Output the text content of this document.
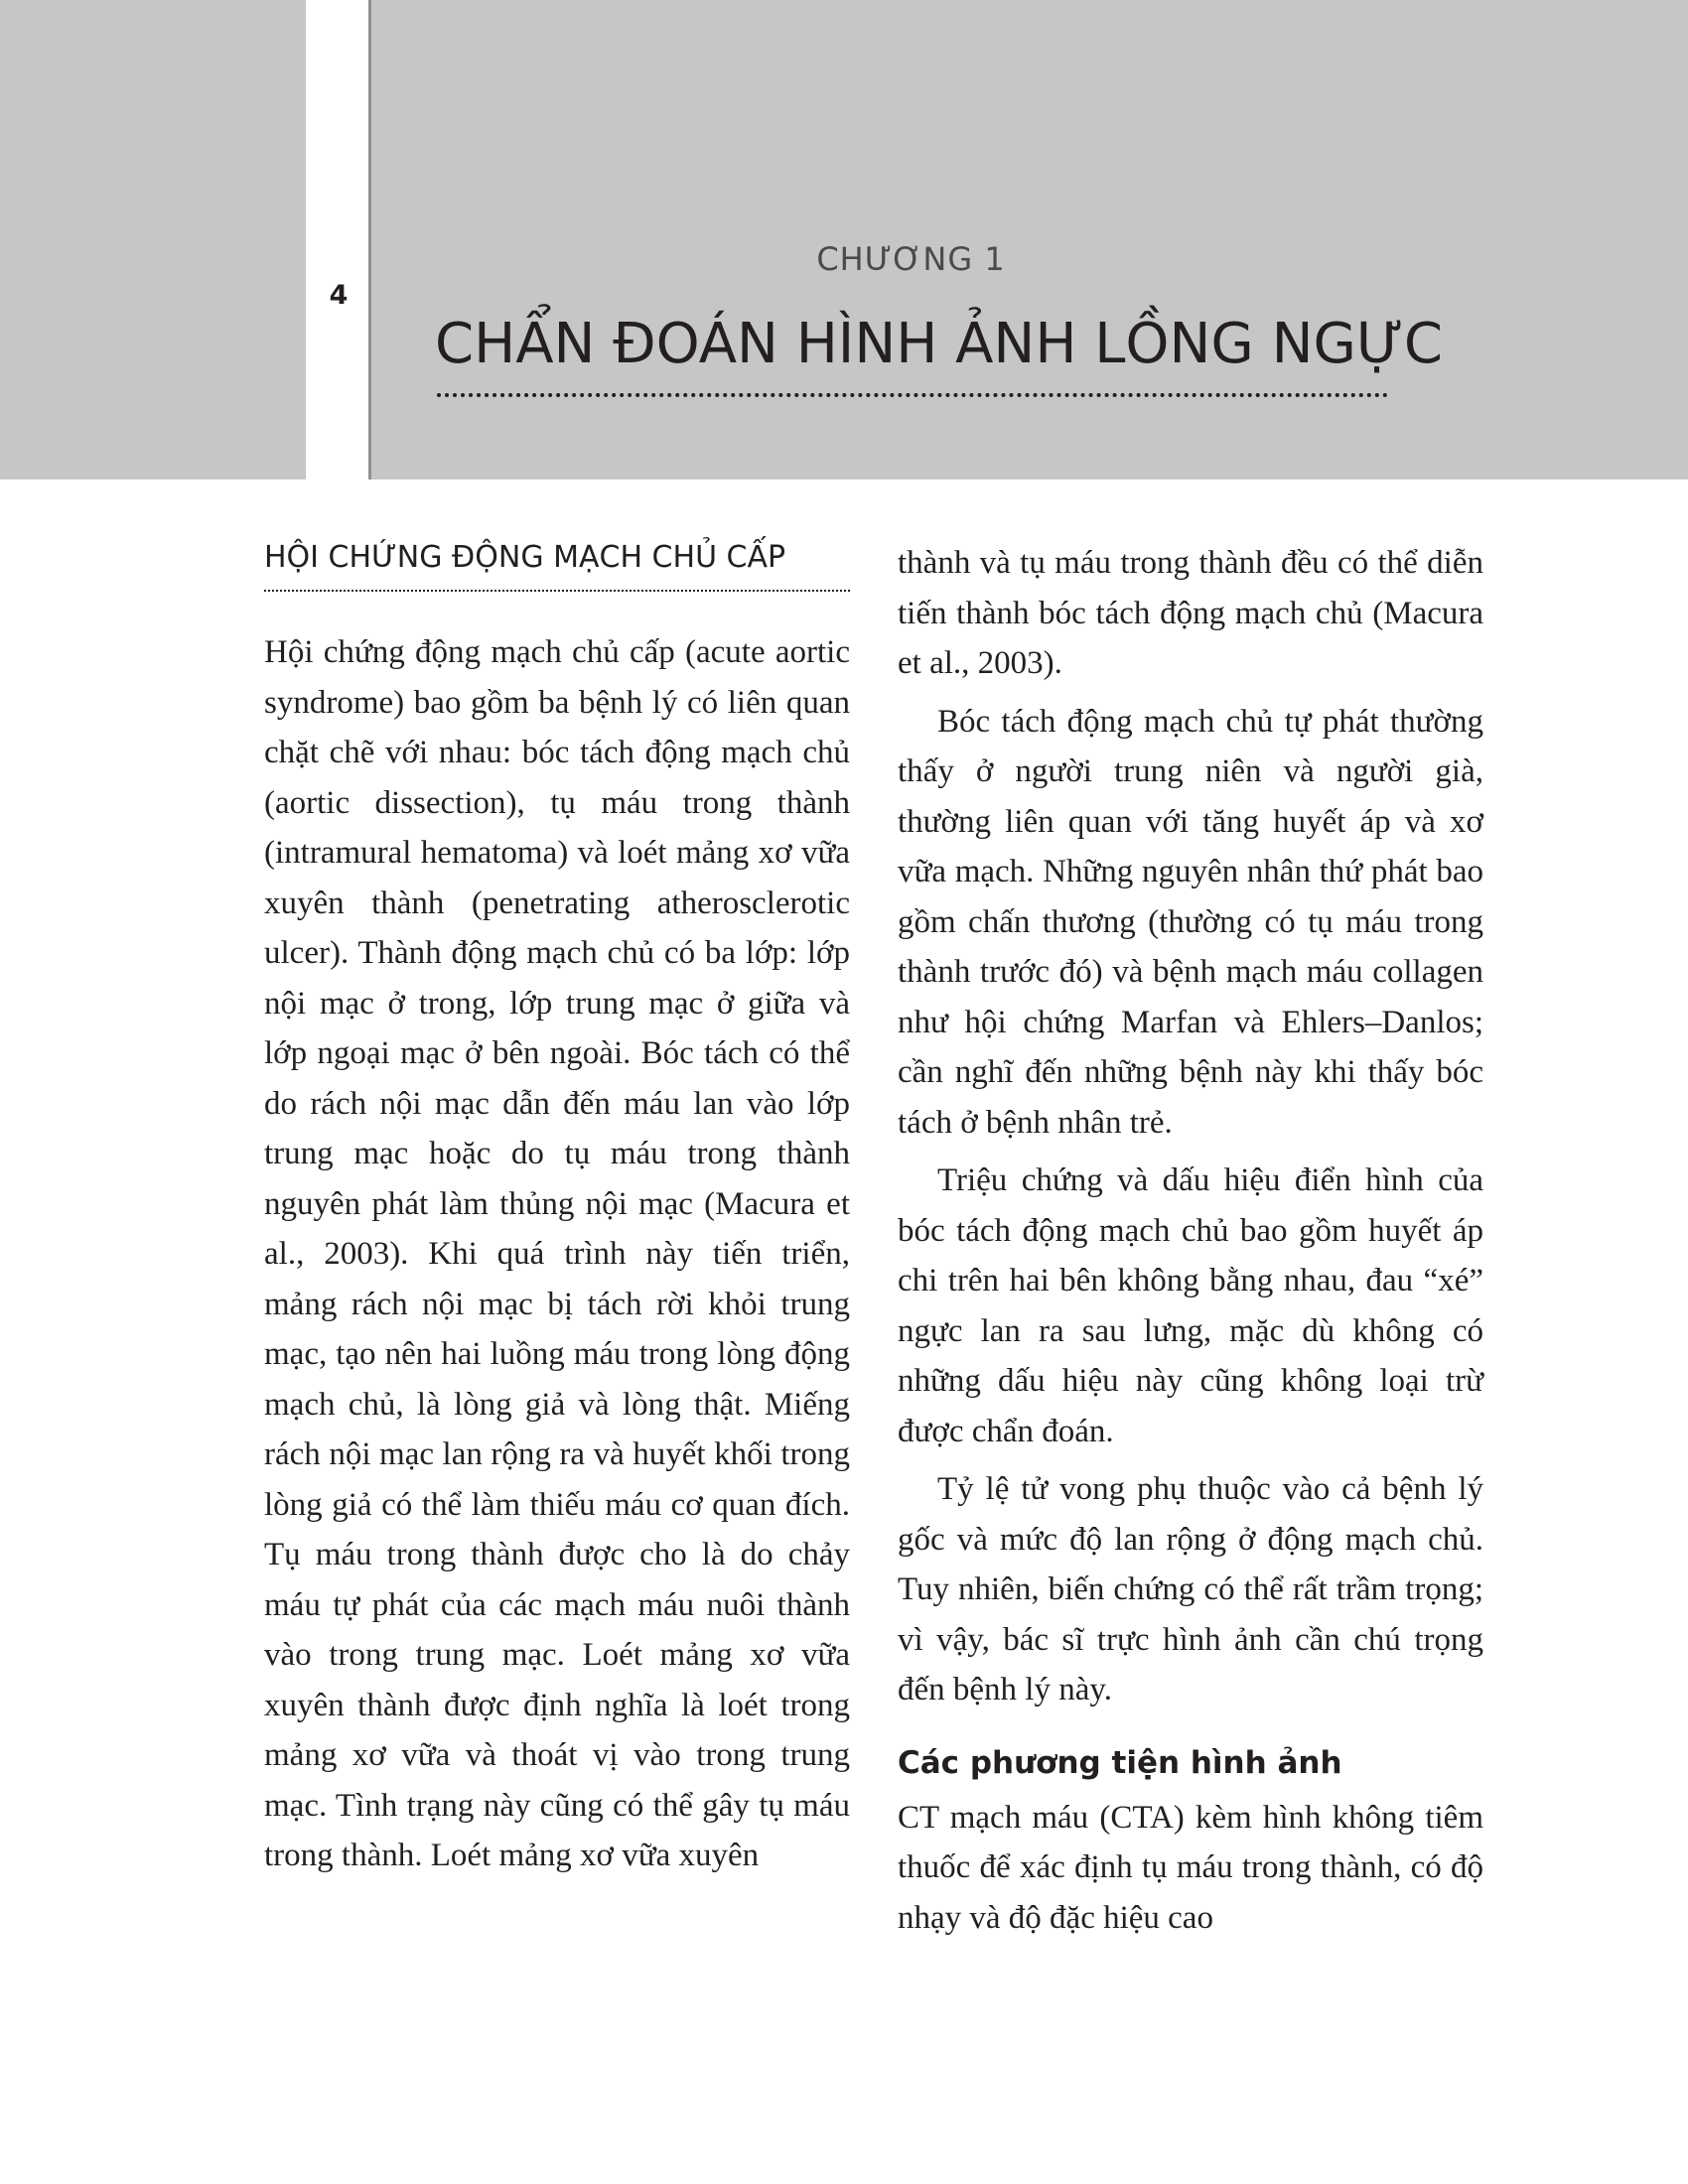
4
CHƯƠNG 1
CHẨN ĐOÁN HÌNH ẢNH LỒNG NGỰC
HỘI CHỨNG ĐỘNG MẠCH CHỦ CẤP

Hội chứng động mạch chủ cấp (acute aortic syndrome) bao gồm ba bệnh lý có liên quan chặt chẽ với nhau: bóc tách động mạch chủ (aortic dissection), tụ máu trong thành (intramural hematoma) và loét mảng xơ vữa xuyên thành (penetrating atherosclerotic ulcer). Thành động mạch chủ có ba lớp: lớp nội mạc ở trong, lớp trung mạc ở giữa và lớp ngoại mạc ở bên ngoài. Bóc tách có thể do rách nội mạc dẫn đến máu lan vào lớp trung mạc hoặc do tụ máu trong thành nguyên phát làm thủng nội mạc (Macura et al., 2003). Khi quá trình này tiến triển, mảng rách nội mạc bị tách rời khỏi trung mạc, tạo nên hai luồng máu trong lòng động mạch chủ, là lòng giả và lòng thật. Miếng rách nội mạc lan rộng ra và huyết khối trong lòng giả có thể làm thiếu máu cơ quan đích. Tụ máu trong thành được cho là do chảy máu tự phát của các mạch máu nuôi thành vào trong trung mạc. Loét mảng xơ vữa xuyên thành được định nghĩa là loét trong mảng xơ vữa và thoát vị vào trong trung mạc. Tình trạng này cũng có thể gây tụ máu trong thành. Loét mảng xơ vữa xuyên

thành và tụ máu trong thành đều có thể diễn tiến thành bóc tách động mạch chủ (Macura et al., 2003).

Bóc tách động mạch chủ tự phát thường thấy ở người trung niên và người già, thường liên quan với tăng huyết áp và xơ vữa mạch. Những nguyên nhân thứ phát bao gồm chấn thương (thường có tụ máu trong thành trước đó) và bệnh mạch máu collagen như hội chứng Marfan và Ehlers–Danlos; cần nghĩ đến những bệnh này khi thấy bóc tách ở bệnh nhân trẻ.

Triệu chứng và dấu hiệu điển hình của bóc tách động mạch chủ bao gồm huyết áp chi trên hai bên không bằng nhau, đau “xé” ngực lan ra sau lưng, mặc dù không có những dấu hiệu này cũng không loại trừ được chẩn đoán.

Tỷ lệ tử vong phụ thuộc vào cả bệnh lý gốc và mức độ lan rộng ở động mạch chủ. Tuy nhiên, biến chứng có thể rất trầm trọng; vì vậy, bác sĩ trực hình ảnh cần chú trọng đến bệnh lý này.

Các phương tiện hình ảnh

CT mạch máu (CTA) kèm hình không tiêm thuốc để xác định tụ máu trong thành, có độ nhạy và độ đặc hiệu cao
